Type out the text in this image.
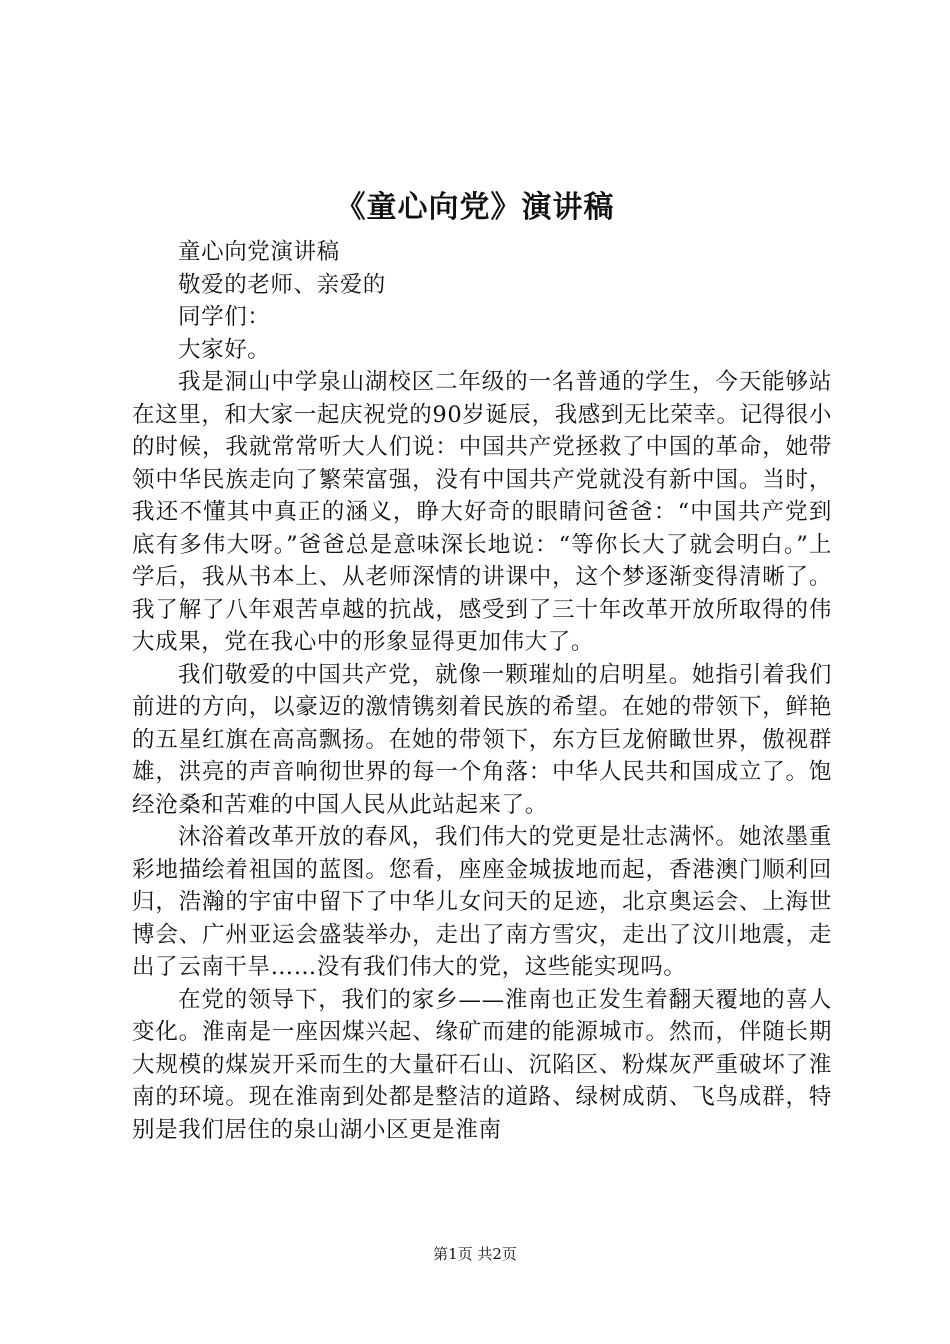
《童心向党》演讲稿

童心向党演讲稿

敬爱的老师、亲爱的

同学们：

大家好。

我是洞山中学泉山湖校区二年级的一名普通的学生，今天能够站在这里，和大家一起庆祝党的90岁诞辰，我感到无比荣幸。记得很小的时候，我就常常听大人们说：中国共产党拯救了中国的革命，她带领中华民族走向了繁荣富强，没有中国共产党就没有新中国。当时，我还不懂其中真正的涵义，睁大好奇的眼睛问爸爸：“中国共产党到底有多伟大呀。”爸爸总是意味深长地说：“等你长大了就会明白。”上学后，我从书本上、从老师深情的讲课中，这个梦逐渐变得清晰了。我了解了八年艰苦卓越的抗战，感受到了三十年改革开放所取得的伟大成果，党在我心中的形象显得更加伟大了。

我们敬爱的中国共产党，就像一颗璀灿的启明星。她指引着我们前进的方向，以豪迈的激情镌刻着民族的希望。在她的带领下，鲜艳的五星红旗在高高飘扬。在她的带领下，东方巨龙俯瞰世界，傲视群雄，洪亮的声音响彻世界的每一个角落：中华人民共和国成立了。饱经沧桑和苦难的中国人民从此站起来了。

沐浴着改革开放的春风，我们伟大的党更是壮志满怀。她浓墨重彩地描绘着祖国的蓝图。您看，座座金城拔地而起，香港澳门顺利回归，浩瀚的宇宙中留下了中华儿女问天的足迹，北京奥运会、上海世博会、广州亚运会盛装举办，走出了南方雪灾，走出了汶川地震，走出了云南干旱……没有我们伟大的党，这些能实现吗。

在党的领导下，我们的家乡——淮南也正发生着翻天覆地的喜人变化。淮南是一座因煤兴起、缘矿而建的能源城市。然而，伴随长期大规模的煤炭开采而生的大量矸石山、沉陷区、粉煤灰严重破坏了淮南的环境。现在淮南到处都是整洁的道路、绿树成荫、飞鸟成群，特别是我们居住的泉山湖小区更是淮南

第1页 共2页
